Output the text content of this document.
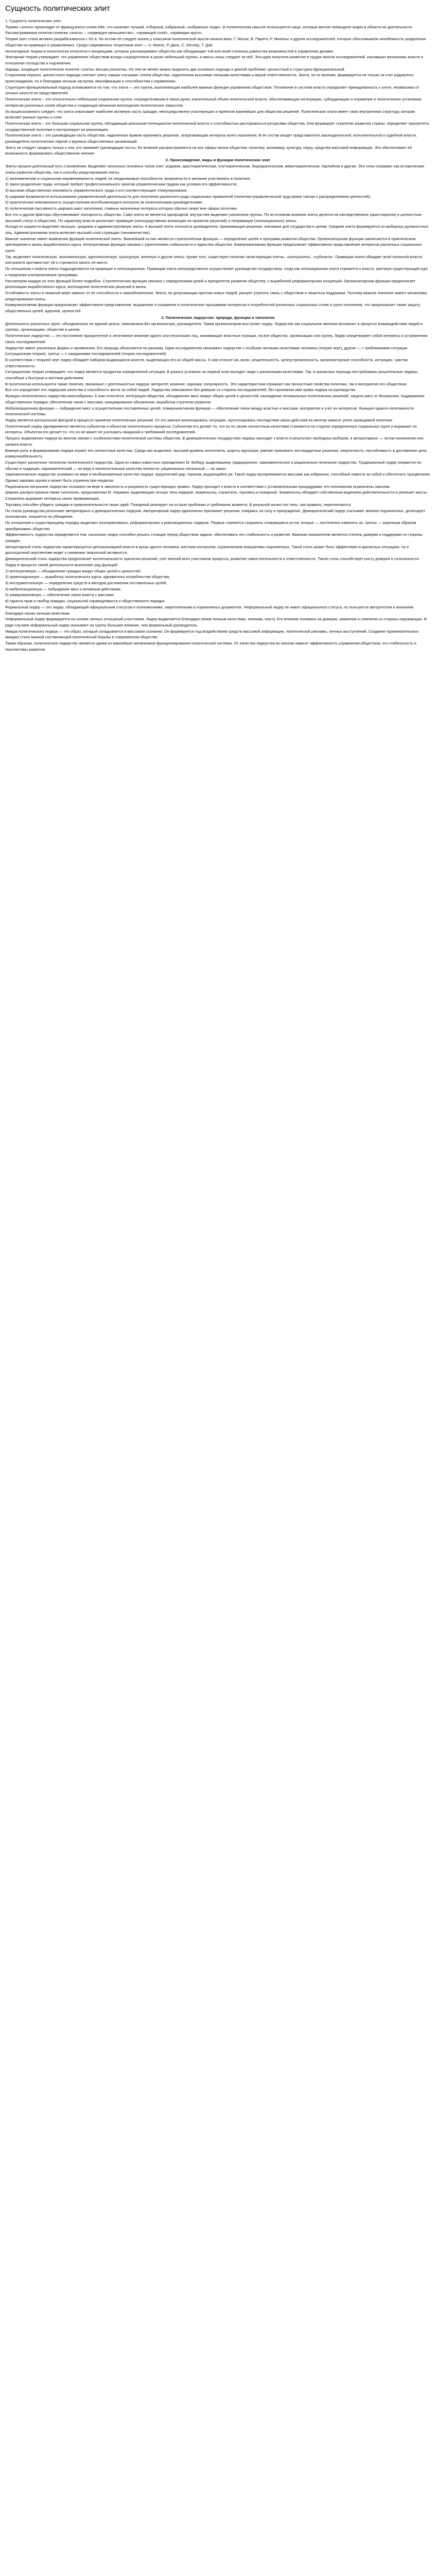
Сущность политических элит

1. Сущность политических элит

Термин «элита» происходит от французского слова elite, что означает лучший, отборный, избранный, «избранные люди». В политическом смысле используется чаще, которые многие неевыдное видно в области их деятельности. Рассматриваемая понятия понятия «элита» – «правящее меньшинство», «правящий слой», «правящие круги».

Теория элит стала активно разрабатываться с XX в. Но истоки ее следует искать у классиков политической мысли начала века: Г. Моска, В. Парето, Р. Михельс и других исследователей, которые обосновывали неизбежность разделения общества на правящих и управляемых. Среди современных теоретиков элит — Ч. Миллс, Р. Даль, С. Келлер, Т. Дай.

Неэлитарные теории в политологии относятся к концепциям, которые рассматривают общество как обладающее той или иной степенью равенства возможностей в управлении делами.

Элитарная теория утверждает, что управление обществом всегда сосредоточено в руках небольшой группы, а массы лишь следуют за ней. Эта идея получила развитие в трудах многих исследователей, изучавших механизмы власти и отношения господства и подчинения.

Наряды, входящие политическое понятие «элита» весьма различны. Но тем не менее можно выделить два основных подхода в данной проблеме: ценностный и структурно-функциональный.

Сторонники первого, ценностного подхода считают элиту самым «лучшим» слоем общества, наделенным высокими личными качествами и мерой ответственности. Элита, по их мнению, формируется не только за счет родовитого происхождения, но и благодаря личным заслугам, квалификации и способностям к управлению.

Структурно-функциональный подход основывается на том, что элита — это группа, выполняющая наиболее важные функции управления обществом. Положение в системе власти определяет принадлежность к элите, независимо от личных качеств ее представителей.

Политическая элита – это относительно небольшая социальная группа, сосредоточившая в своих руках значительный объем политической власти, обеспечивающая интеграцию, субординацию и отражение в политических установках интересов различных слоев общества и создающая механизм воплощения политических замыслов.

Из вышесказанного следует, что элита охватывает наиболее активную часть граждан, непосредственно участвующих в принятии важнейших для общества решений. Политическая элита имеет свою внутреннюю структуру, которая включает разные группы и слои.

Политическая элита – это большая социальная группа, обладающая реальным потенциалом политической власти и способностью распоряжаться ресурсами общества. Она формирует стратегию развития страны, определяет приоритеты государственной политики и контролирует их реализацию.

Политическая элита – это руководящая часть общества, наделенная правом принимать решения, затрагивающие интересы всего населения. В ее состав входят представители законодательной, исполнительной и судебной власти, руководители политических партий и крупных общественных организаций.

Элиту не следует сводить только к тем, кто занимает руководящие посты. Ее влияние распространяется на все сферы жизни общества: политику, экономику, культуру, науку, средства массовой информации. Это обеспечивает ей возможность формировать общественное мнение.

2. Происхождение, виды и функции политических элит

Элиты прошли длительный путь становления. Выделяют несколько основных типов элит: родовая, аристократическая, плутократическая, бюрократическая, меритократическая, партийная и другие. Эти типы отражают как исторические этапы развития общества, так и способы рекрутирования элиты.

1) экономическая и социальная неравномерность людей, их неодинаковые способности, возможности и желание участвовать в политике;

2) закон разделения труда, который требует профессионального занятия управленческим трудом как условия его эффективности;

3) высокая общественная значимость управленческого труда и его соответствующее стимулирование;

4) широкие возможности использования управленческой деятельности для получения различного рода социальных привилегий (политико-управленческий труд прямо связан с распределением ценностей);

5) практическая невозможность осуществления всеобъемлющего контроля за политическими руководителями;

6) политическая пассивность широких масс населения, главные жизненные интересы которых обычно лежат вне сферы политики.

Все эти и другие факторы обусловливают элитарность общества. Само элита не является однородной, внутри нее выделяют различные группы. По источникам влияния элиты делятся на наследственные (аристократия) и ценностные (высокий статус в обществе). По характеру власти различают правящие (непосредственно влияющие на принятие решений) и неправящие (оппозиционные) элиты.

Исходя из сущности выделяют высшую, среднюю и административную элиты. К высшей элите относятся руководители, принимающие решения, значимые для государства в целом. Средняя элита формируется из выборных должностных лиц. Административная элита включает высший слой служащих (чиновничество).

Важное значение имеет выявление функций политической элиты. Важнейшей из них является стратегическая функция — определение целей и программ развития общества. Организаторская функция заключается в практическом претворении в жизнь выработанного курса. Интегративная функция связана с укреплением стабильности и единства общества. Коммуникативная функция предполагает эффективное представление интересов различных социальных групп.

Так, выделяют политическую, экономическую, идеологическую, культурную, военную и другие элиты. Кроме того, существуют понятия «властвующая элита», «контрэлита», «субэлита». Правящая элита обладает всей полнотой власти, контрэлита противостоит ей и стремится занять ее место.

По отношению к власти элиты подразделяются на правящие и оппозиционные. Правящая элита непосредственно осуществляет руководство государством, тогда как оппозиционная элита стремится к власти, критикуя существующий курс и предлагая альтернативные программы.

Рассмотрим каждую из этих функций более подробно. Стратегическая функция связана с определением целей и приоритетов развития общества, с выработкой реформаторских концепций. Организаторская функция предполагает реализацию выработанного курса, воплощение политических решений в жизнь.

Устойчивость элиты в немалой мере зависит от ее способности к самообновлению. Элита, не допускающая притока новых людей, рискует утратить связь с обществом и лишиться поддержки. Поэтому важное значение имеют механизмы рекрутирования элиты.

Коммуникативная функция предполагает эффективное представление, выражение и отражение в политических программах интересов и потребностей различных социальных слоев и групп населения, что предполагает также защиту общественных целей, идеалов, ценностей.

3. Политическое лидерство: природа, функции и типология

Деятельность различных групп, объединенных ее единой целью, невозможна без организатора, руководителя. Таким организатором выступает лидер. Лидерство как социальное явление возникает в процессе взаимодействия людей в группах, организациях, обществе в целом.

Политическое лидерство — это постоянное приоритетное и легитимное влияние одного или нескольких лиц, занимающих властные позиции, на все общество, организацию или группу. Лидер олицетворяет собой интересы и устремления своих последователей.

Лидерство имеет различные формы и проявления. Его природа объясняется по-разному. Одни исследователи связывают лидерство с особыми личными качествами человека (теория черт), другие — с требованиями ситуации (ситуационная теория), третьи — с ожиданиями последователей (теория последователей).

В соответствии с теорией черт лидер обладает набором выдающихся качеств, выделяющих его из общей массы. К ним относят ум, волю, решительность, целеустремленность, организаторские способности, интуицию, чувство ответственности.

Ситуационная теория утверждает, что лидер является продуктом определенной ситуации. В разных условиях на первый план выходят люди с различными качествами. Так, в кризисные периоды востребованы решительные лидеры, способные к быстрым и жестким действиям.

В политологии используются также понятия, связанные с деятельностью лидера: авторитет, влияние, харизма, популярность. Эти характеристики отражают как личностные свойства политика, так и восприятие его обществом.

Все это определяет его лидерские качества и способность вести за собой людей. Лидерство невозможно без доверия со стороны последователей, без признания ими права лидера на руководство.

Функции политического лидерства многообразны. К ним относятся: интеграция общества, объединение масс вокруг общих целей и ценностей; нахождение оптимальных политических решений; защита масс от беззакония, поддержание общественного порядка; обеспечение связи с массами; инициирование обновления, выработка стратегии развития.

Мобилизационная функция — побуждение масс к осуществлению поставленных целей. Коммуникативная функция — обеспечение связи между властью и массами, восприятие и учет их интересов. Функция гаранта легитимности политической системы.

Лидер является центральной фигурой в процессе принятия политических решений. От его умения анализировать ситуацию, прогнозировать последствия своих действий во многом зависит успех проводимой политики.

Политический лидер одновременно является субъектом и объектом политического процесса. Субъектом его делает то, что он по своим личностным качествам становится на стороне определенных социальных групп и выражает их интересы. Объектом его делает то, что он не может не учитывать ожиданий и требований последователей.

Процесс выдвижения лидера во многом связан с особенностями политической системы общества. В демократических государствах лидеры приходят к власти в результате свободных выборов, в авторитарных — путем назначения или захвата власти.

Важную роль в формировании лидера играют его личностные качества. Среди них выделяют: высокий уровень интеллекта, широту кругозора, умение принимать нестандартные решения, энергичность, настойчивость в достижении цели, коммуникабельность.

Существуют различные типологии политического лидерства. Одна из самых известных принадлежит М. Веберу, выделившему традиционное, харизматическое и рационально-легальное лидерство. Традиционный лидер опирается на обычаи и традиции, харизматический — на веру в исключительные качества личности, рационально-легальный — на закон.

Харизматическое лидерство основано на вере в необыкновенные качества лидера: пророческий дар, героизм, выдающийся ум. Такой лидер воспринимается массами как избранник, способный повести за собой и обеспечить процветание. Однако харизма хрупка и может быть утрачена при неудачах.

Рационально-легальное лидерство основано на вере в законность и разумность существующих правил. Лидер приходит к власти в соответствии с установленными процедурами, его полномочия ограничены законом.

Широко распространена также типология, предложенная М. Херманн, выделяющая четыре типа лидеров: знаменосец, служитель, торговец и пожарный. Знаменосец обладает собственным видением действительности и увлекает массы. Служитель выражает интересы своих приверженцев.

Торговец способен убедить граждан в привлекательности своих идей. Пожарный реагирует на острые проблемы и требования момента. В реальной жизни эти типы, как правило, переплетаются.

По стилю руководства различают авторитарных и демократических лидеров. Авторитарный лидер единолично принимает решения, опираясь на силу и принуждение. Демократический лидер учитывает мнения подчиненных, делегирует полномочия, опирается на убеждение.

По отношению к существующему порядку выделяют консервативных, реформаторских и революционных лидеров. Первые стремятся сохранить сложившиеся устои, вторые — постепенно изменить их, третьи — коренным образом преобразовать общество.

Эффективность лидерства определяется тем, насколько лидер способен решать стоящие перед обществом задачи, обеспечивать его стабильность и развитие. Важным показателем является степень доверия и поддержки со стороны граждан.

Авторитарный стиль лидерства характеризуется централизацией власти в руках одного человека, жестким контролем, ограничением инициативы подчиненных. Такой стиль может быть эффективен в кризисных ситуациях, но в долгосрочной перспективе ведет к снижению творческой активности.

Демократический стиль лидерства предполагает коллегиальность принятия решений, учет мнений всех участников процесса, развитие самостоятельности и ответственности. Такой стиль способствует росту доверия и сплоченности.

Лидер в процессе своей деятельности выполняет ряд функций:

1) интегративную — объединение граждан вокруг общих целей и ценностей;

2) ориентационную — выработку политического курса, адекватного потребностям общества;

3) инструментальную — определение средств и методов достижения поставленных целей;

4) мобилизационную — побуждение масс к активным действиям;

5) коммуникативную — обеспечение связи власти с массами;

6) гаранта прав и свобод граждан, социальной справедливости и общественного порядка.

Формальный лидер — это лидер, обладающий официальным статусом и полномочиями, закрепленными в нормативных документах. Неформальный лидер не имеет официального статуса, но пользуется авторитетом и влиянием благодаря своим личным качествам.

Неформальный лидер формируется на основе личных отношений участников. Лидер выдвигается благодаря своим личным качествам, знаниям, опыту. Его влияние основано на доверии, уважении и симпатии со стороны окружающих. В ряде случаев неформальный лидер оказывает на группу большее влияние, чем формальный руководитель.

Имидж политического лидера — это образ, который складывается в массовом сознании. Он формируется под воздействием средств массовой информации, политической рекламы, личных выступлений. Создание привлекательного имиджа стало важной составляющей политической борьбы в современном обществе.

Таким образом, политическое лидерство является одним из важнейших механизмов функционирования политической системы. От качества лидерства во многом зависит эффективность управления обществом, его стабильность и перспективы развития.
